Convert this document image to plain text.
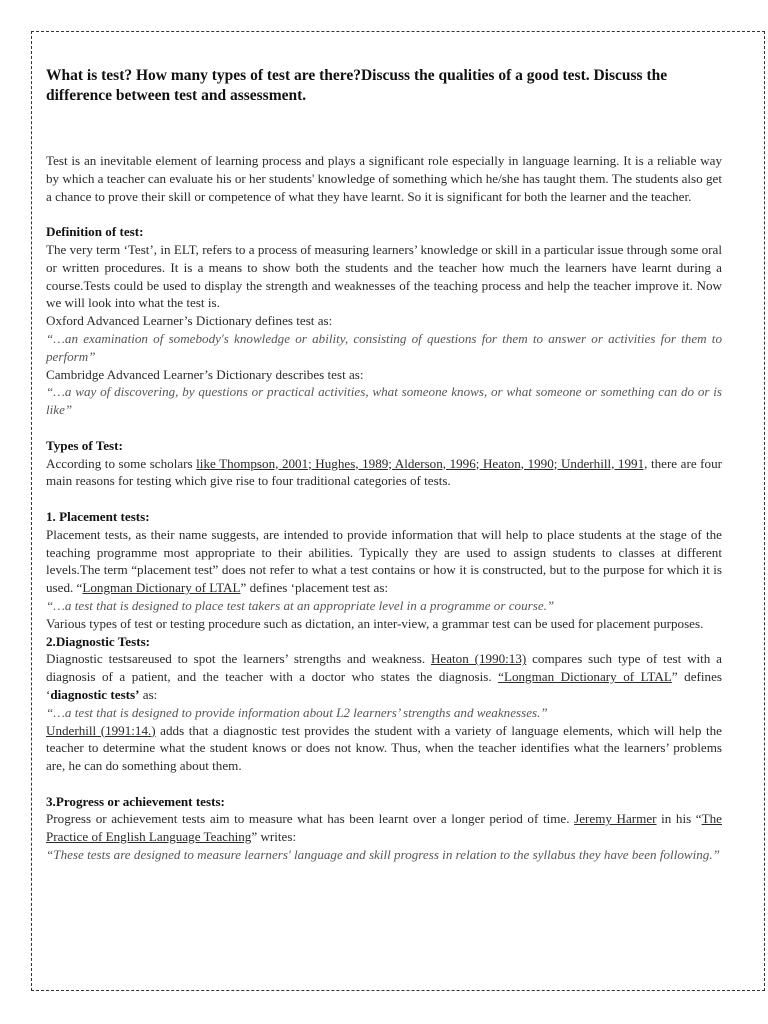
What is test? How many types of test are there?Discuss the qualities of a good test. Discuss the difference between test and assessment.

Test is an inevitable element of learning process and plays a significant role especially in language learning. It is a reliable way by which a teacher can evaluate his or her students' knowledge of something which he/she has taught them. The students also get a chance to prove their skill or competence of what they have learnt. So it is significant for both the learner and the teacher.

Definition of test:

The very term ‘Test’, in ELT, refers to a process of measuring learners’ knowledge or skill in a particular issue through some oral or written procedures. It is a means to show both the students and the teacher how much the learners have learnt during a course.Tests could be used to display the strength and weaknesses of the teaching process and help the teacher improve it. Now we will look into what the test is.

Oxford Advanced Learner’s Dictionary defines test as:

“…an examination of somebody's knowledge or ability, consisting of questions for them to answer or activities for them to perform”

Cambridge Advanced Learner’s Dictionary describes test as:

“…a way of discovering, by questions or practical activities, what someone knows, or what someone or something can do or is like”

Types of Test:

According to some scholars like Thompson, 2001; Hughes, 1989; Alderson, 1996; Heaton, 1990; Underhill, 1991, there are four main reasons for testing which give rise to four traditional categories of tests.

1. Placement tests:

Placement tests, as their name suggests, are intended to provide information that will help to place students at the stage of the teaching programme most appropriate to their abilities. Typically they are used to assign students to classes at different levels.The term “placement test” does not refer to what a test contains or how it is constructed, but to the purpose for which it is used. “Longman Dictionary of LTAL” defines ‘placement test as:

“…a test that is designed to place test takers at an appropriate level in a programme or course.”

Various types of test or testing procedure such as dictation, an inter-view, a grammar test can be used for placement purposes.

2.Diagnostic Tests:

Diagnostic testsareused to spot the learners’ strengths and weakness. Heaton (1990:13) compares such type of test with a diagnosis of a patient, and the teacher with a doctor who states the diagnosis. “Longman Dictionary of LTAL” defines ‘diagnostic tests’ as:

“…a test that is designed to provide information about L2 learners’ strengths and weaknesses.”

Underhill (1991:14.) adds that a diagnostic test provides the student with a variety of language elements, which will help the teacher to determine what the student knows or does not know. Thus, when the teacher identifies what the learners’ problems are, he can do something about them.

3.Progress or achievement tests:

Progress or achievement tests aim to measure what has been learnt over a longer period of time. Jeremy Harmer in his “The Practice of English Language Teaching” writes:

“These tests are designed to measure learners' language and skill progress in relation to the syllabus they have been following.”
